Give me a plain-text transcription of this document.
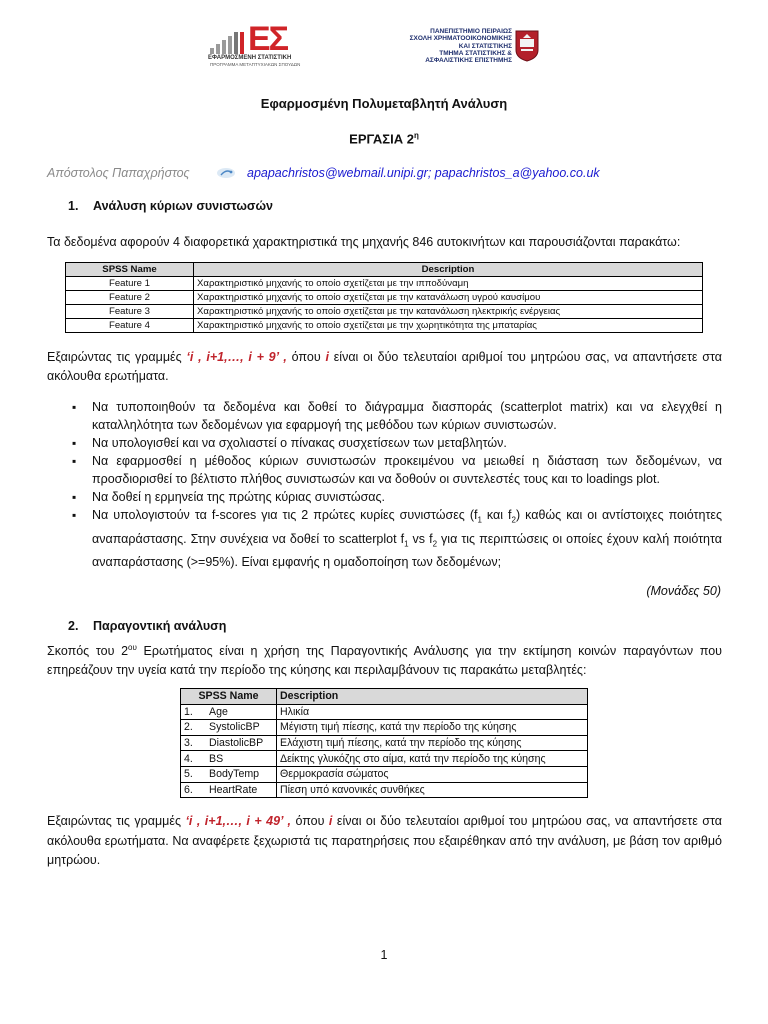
ΕΣ
ΕΦΑΡΜΟΣΜΕΝΗ ΣΤΑΤΙΣΤΙΚΗ
ΠΡΟΓΡΑΜΜΑ ΜΕΤΑΠΤΥΧΙΑΚΩΝ ΣΠΟΥΔΩΝ
ΠΑΝΕΠΙΣΤΗΜΙΟ ΠΕΙΡΑΙΩΣ
ΣΧΟΛΗ ΧΡΗΜΑΤΟΟΙΚΟΝΟΜΙΚΗΣ
ΚΑΙ ΣΤΑΤΙΣΤΙΚΗΣ
ΤΜΗΜΑ ΣΤΑΤΙΣΤΙΚΗΣ &
ΑΣΦΑΛΙΣΤΙΚΗΣ ΕΠΙΣΤΗΜΗΣ
Εφαρμοσμένη Πολυμεταβλητή Ανάλυση
ΕΡΓΑΣΙΑ $2^\eta$
Απόστολος Παπαχρήστος	apapachristos@webmail.unipi.gr; papachristos_a@yahoo.co.uk
1. Ανάλυση κύριων συνιστωσών
Τα δεδομένα αφορούν 4 διαφορετικά χαρακτηριστικά της μηχανής 846 αυτοκινήτων και παρουσιάζονται παρακάτω:
SPSS Name	Description
Feature 1	Χαρακτηριστικό μηχανής το οποίο σχετίζεται με την ιπποδύναμη
Feature 2	Χαρακτηριστικό μηχανής το οποίο σχετίζεται με την κατανάλωση υγρού καυσίμου
Feature 3	Χαρακτηριστικό μηχανής το οποίο σχετίζεται με την κατανάλωση ηλεκτρικής ενέργειας
Feature 4	Χαρακτηριστικό μηχανής το οποίο σχετίζεται με την χωρητικότητα της μπαταρίας
Εξαιρώντας τις γραμμές ‘i , i+1,…, i + 9’ , όπου i είναι οι δύο τελευταίοι αριθμοί του μητρώου σας, να απαντήσετε στα ακόλουθα ερωτήματα.
▪ Να τυποποιηθούν τα δεδομένα και δοθεί το διάγραμμα διασποράς (scatterplot matrix) και να ελεγχθεί η καταλληλότητα των δεδομένων για εφαρμογή της μεθόδου των κύριων συνιστωσών.
▪ Να υπολογισθεί και να σχολιαστεί ο πίνακας συσχετίσεων των μεταβλητών.
▪ Να εφαρμοσθεί η μέθοδος κύριων συνιστωσών προκειμένου να μειωθεί η διάσταση των δεδομένων, να προσδιορισθεί το βέλτιστο πλήθος συνιστωσών και να δοθούν οι συντελεστές τους και το loadings plot.
▪ Να δοθεί η ερμηνεία της πρώτης κύριας συνιστώσας.
▪ Να υπολογιστούν τα f-scores για τις 2 πρώτες κυρίες συνιστώσες ($f_1$ και $f_2$) καθώς και οι αντίστοιχες ποιότητες αναπαράστασης. Στην συνέχεια να δοθεί το scatterplot $f_1$ vs $f_2$ για τις περιπτώσεις οι οποίες έχουν καλή ποιότητα αναπαράστασης (>=95%). Είναι εμφανής η ομαδοποίηση των δεδομένων;
(Μονάδες 50)
2. Παραγοντική ανάλυση
Σκοπός του $2^{o\upsilon}$ Ερωτήματος είναι η χρήση της Παραγοντικής Ανάλυσης για την εκτίμηση κοινών παραγόντων που επηρεάζουν την υγεία κατά την περίοδο της κύησης και περιλαμβάνουν τις παρακάτω μεταβλητές:
SPSS Name		Description
1.	Age	Ηλικία
2.	SystolicBP	Μέγιστη τιμή πίεσης, κατά την περίοδο της κύησης
3.	DiastolicBP	Ελάχιστη τιμή πίεσης, κατά την περίοδο της κύησης
4.	BS	Δείκτης γλυκόζης στο αίμα, κατά την περίοδο της κύησης
5.	BodyTemp	Θερμοκρασία σώματος
6.	HeartRate	Πίεση υπό κανονικές συνθήκες
Εξαιρώντας τις γραμμές ‘i , i+1,…, i + 49’ , όπου i είναι οι δύο τελευταίοι αριθμοί του μητρώου σας, να απαντήσετε στα ακόλουθα ερωτήματα. Να αναφέρετε ξεχωριστά τις παρατηρήσεις που εξαιρέθηκαν από την ανάλυση, με βάση τον αριθμό μητρώου.
1
